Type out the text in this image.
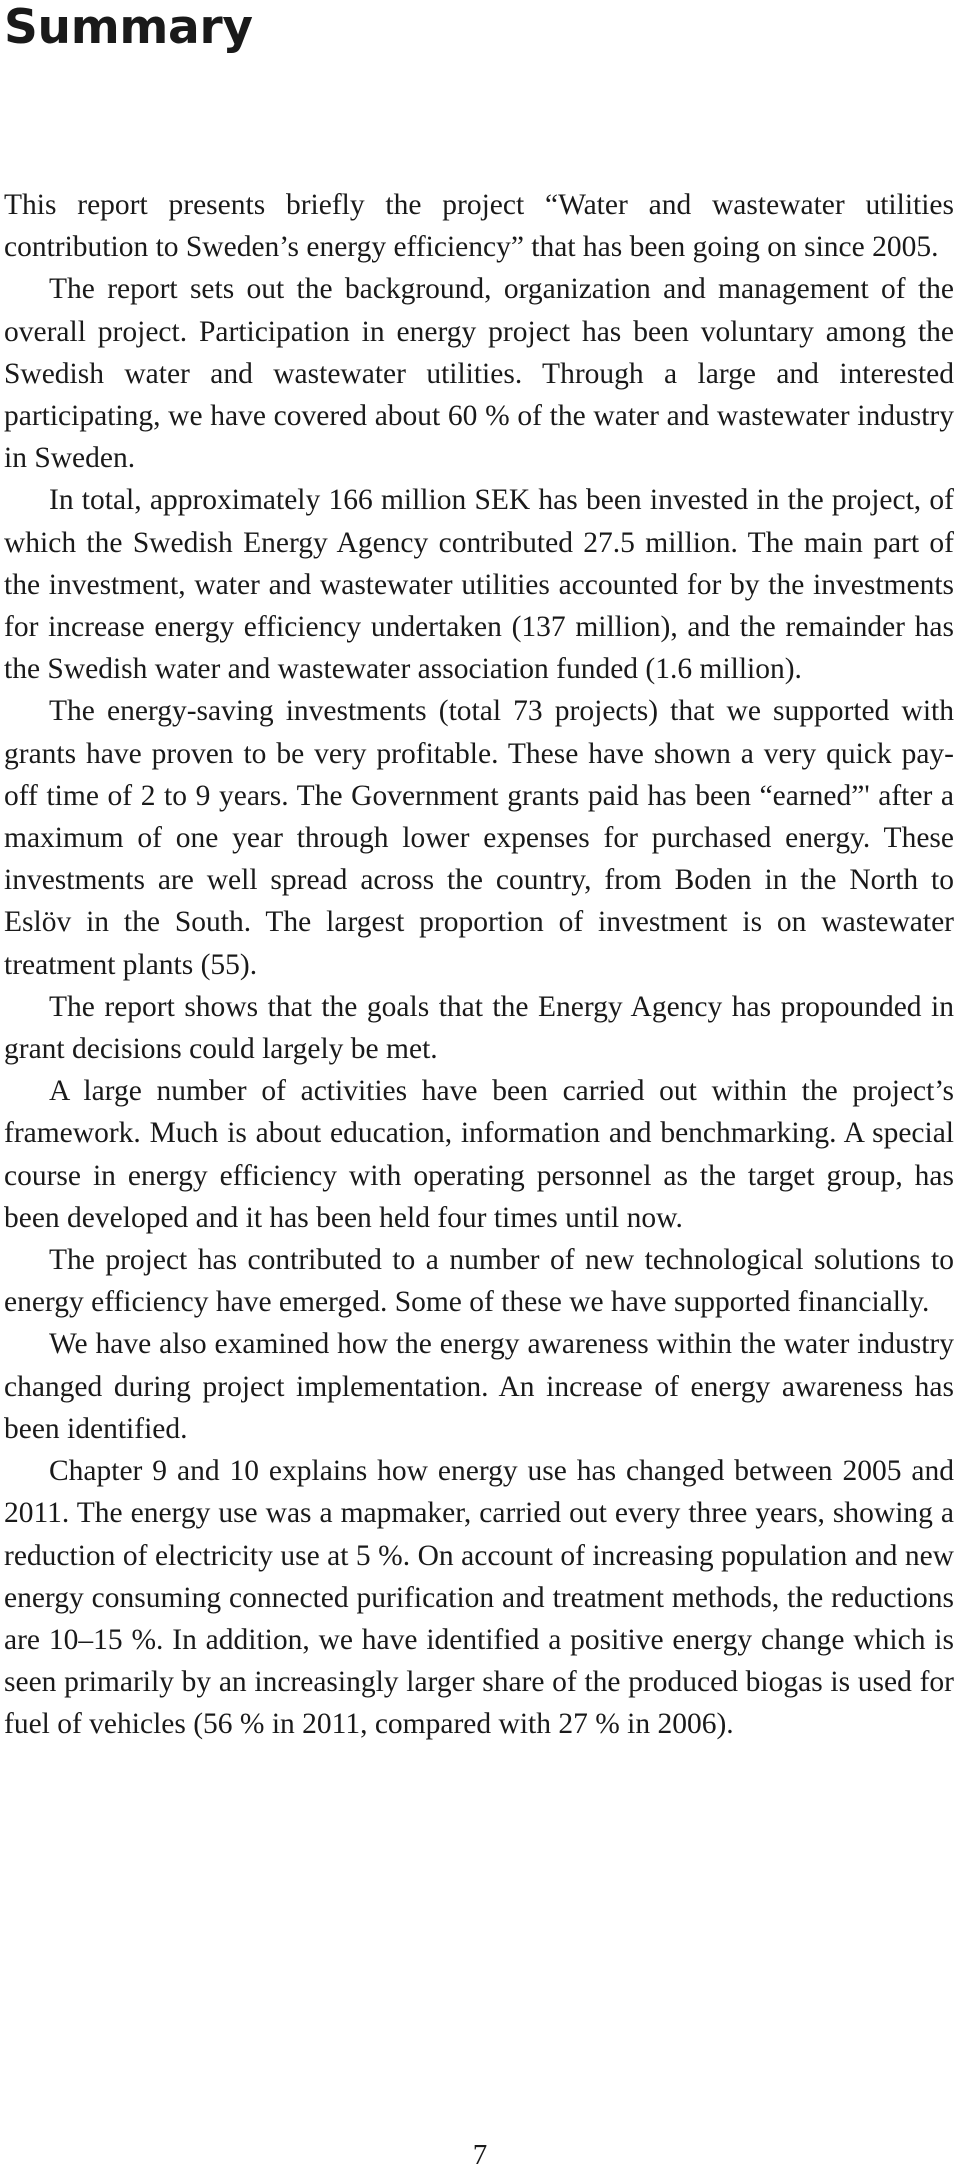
Summary

This report presents briefly the project “Water and wastewater utilities contribution to Sweden’s energy efficiency” that has been going on since 2005.

The report sets out the background, organization and management of the overall project. Participation in energy project has been voluntary among the Swedish water and wastewater utilities. Through a large and interested participating, we have covered about 60 % of the water and wastewater industry in Sweden.

In total, approximately 166 million SEK has been invested in the project, of which the Swedish Energy Agency contributed 27.5 million. The main part of the investment, water and wastewater utilities accounted for by the investments for increase energy efficiency undertaken (137 million), and the remainder has the Swedish water and wastewater association funded (1.6 million).

The energy-saving investments (total 73 projects) that we supported with grants have proven to be very profitable. These have shown a very quick pay-off time of 2 to 9 years. The Government grants paid has been “earned”' after a maximum of one year through lower expenses for purchased energy. These investments are well spread across the country, from Boden in the North to Eslöv in the South. The largest proportion of investment is on wastewater treatment plants (55).

The report shows that the goals that the Energy Agency has propounded in grant decisions could largely be met.

A large number of activities have been carried out within the project’s framework. Much is about education, information and benchmarking. A special course in energy efficiency with operating personnel as the target group, has been developed and it has been held four times until now.

The project has contributed to a number of new technological solutions to energy efficiency have emerged. Some of these we have supported financially.

We have also examined how the energy awareness within the water industry changed during project implementation. An increase of energy awareness has been identified.

Chapter 9 and 10 explains how energy use has changed between 2005 and 2011. The energy use was a mapmaker, carried out every three years, showing a reduction of electricity use at 5 %. On account of increasing population and new energy consuming connected purification and treatment methods, the reductions are 10–15 %. In addition, we have identified a positive energy change which is seen primarily by an increasingly larger share of the produced biogas is used for fuel of vehicles (56 % in 2011, compared with 27 % in 2006).

7
